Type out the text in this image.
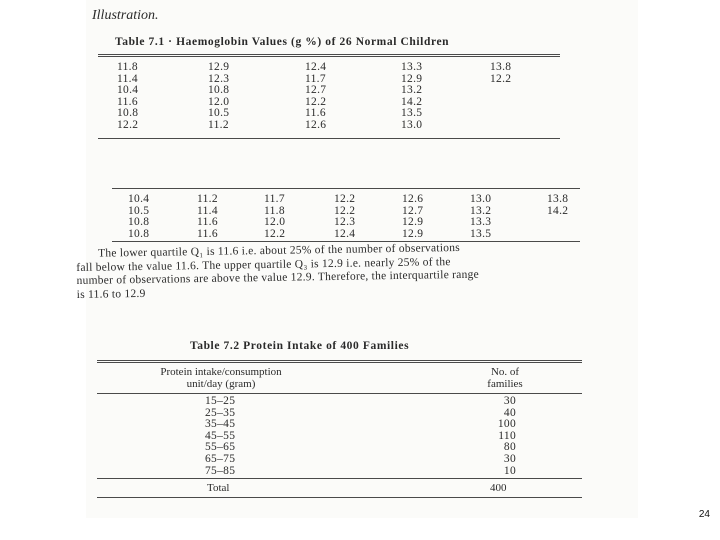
Illustration.
Table 7.1 · Haemoglobin Values (g %) of 26 Normal Children
11.8
11.4
10.4
11.6
10.8
12.2
12.9
12.3
10.8
12.0
10.5
11.2
12.4
11.7
12.7
12.2
11.6
12.6
13.3
12.9
13.2
14.2
13.5
13.0
13.8
12.2
10.4
10.5
10.8
10.8
11.2
11.4
11.6
11.6
11.7
11.8
12.0
12.2
12.2
12.2
12.3
12.4
12.6
12.7
12.9
12.9
13.0
13.2
13.3
13.5
13.8
14.2
The lower quartile Q₁ is 11.6 i.e. about 25% of the number of observations
fall below the value 11.6. The upper quartile Q₃ is 12.9 i.e. nearly 25% of the
number of observations are above the value 12.9. Therefore, the interquartile range
is 11.6 to 12.9
Table 7.2 Protein Intake of 400 Families
Protein intake/consumption
unit/day (gram)
No. of
families
15–25
25–35
35–45
45–55
55–65
65–75
75–85
30
40
100
110
80
30
10
Total	400
24
